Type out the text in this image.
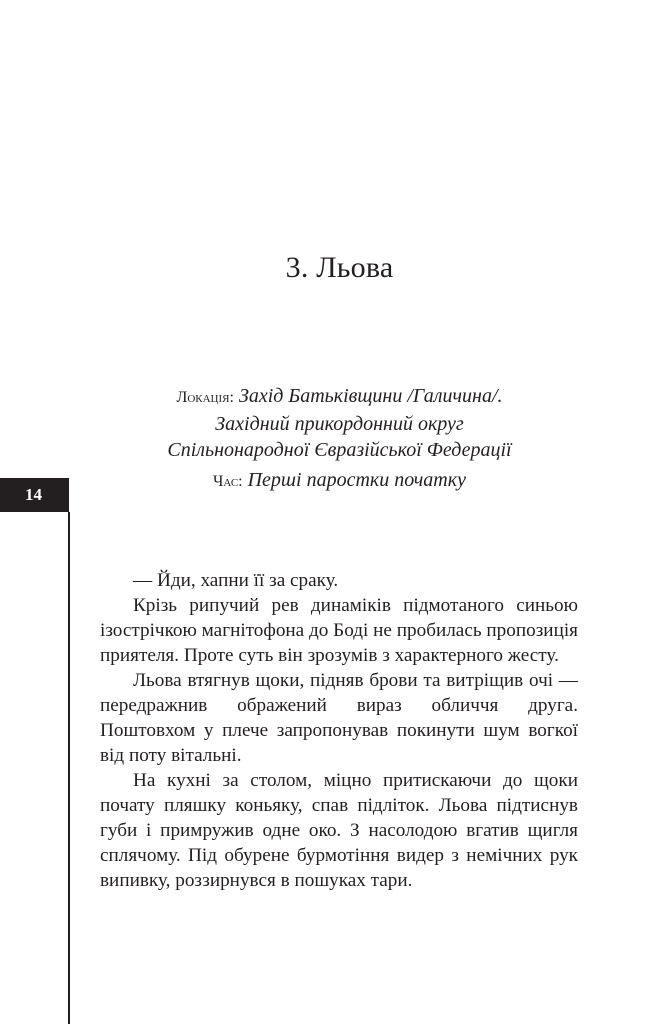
14
3. Льова
Локація: Захід Батьківщини /Галичина/.
Західний прикордонний округ
Спільнонародної Євразійської Федерації
Час: Перші паростки початку

— Йди, хапни її за сраку.

Крізь рипучий рев динаміків підмотаного синьою ізострічкою магнітофона до Боді не пробилась пропозиція приятеля. Проте суть він зрозумів з характерного жесту.

Льова втягнув щоки, підняв брови та витріщив очі — передражнив ображений вираз обличчя друга. Поштовхом у плече запропонував покинути шум вогкої від поту вітальні.

На кухні за столом, міцно притискаючи до щоки почату пляшку коньяку, спав підліток. Льова підтиснув губи і примружив одне око. З насолодою вгатив щигля сплячому. Під обурене бурмотіння видер з немічних рук випивку, роззирнувся в пошуках тари.
